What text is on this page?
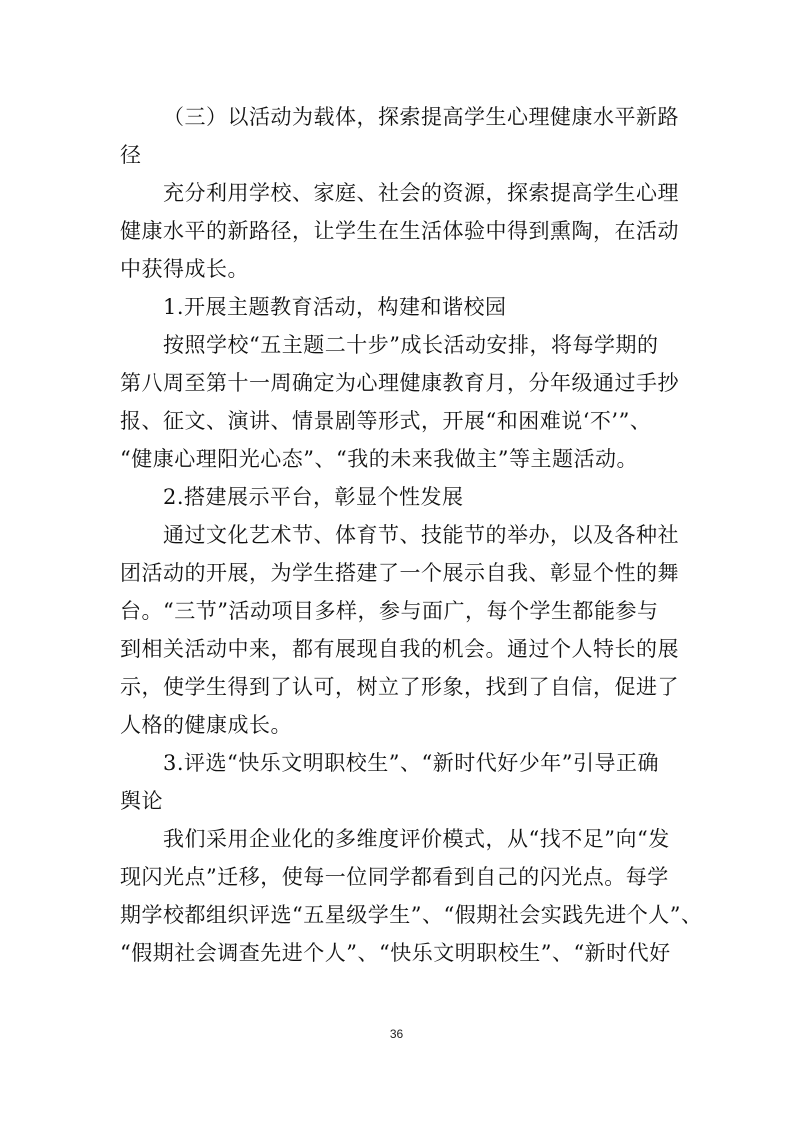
（三）以活动为载体，探索提高学生心理健康水平新路
径
充分利用学校、家庭、社会的资源，探索提高学生心理
健康水平的新路径，让学生在生活体验中得到熏陶，在活动
中获得成长。
1.开展主题教育活动，构建和谐校园
按照学校“五主题二十步”成长活动安排，将每学期的
第八周至第十一周确定为心理健康教育月，分年级通过手抄
报、征文、演讲、情景剧等形式，开展“和困难说‘不’”、
“健康心理阳光心态”、“我的未来我做主”等主题活动。
2.搭建展示平台，彰显个性发展
通过文化艺术节、体育节、技能节的举办，以及各种社
团活动的开展，为学生搭建了一个展示自我、彰显个性的舞
台。“三节”活动项目多样，参与面广，每个学生都能参与
到相关活动中来，都有展现自我的机会。通过个人特长的展
示，使学生得到了认可，树立了形象，找到了自信，促进了
人格的健康成长。
3.评选“快乐文明职校生”、“新时代好少年”引导正确
舆论
我们采用企业化的多维度评价模式，从“找不足”向“发
现闪光点”迁移，使每一位同学都看到自己的闪光点。每学
期学校都组织评选“五星级学生”、“假期社会实践先进个人”、
“假期社会调查先进个人”、“快乐文明职校生”、“新时代好
36
